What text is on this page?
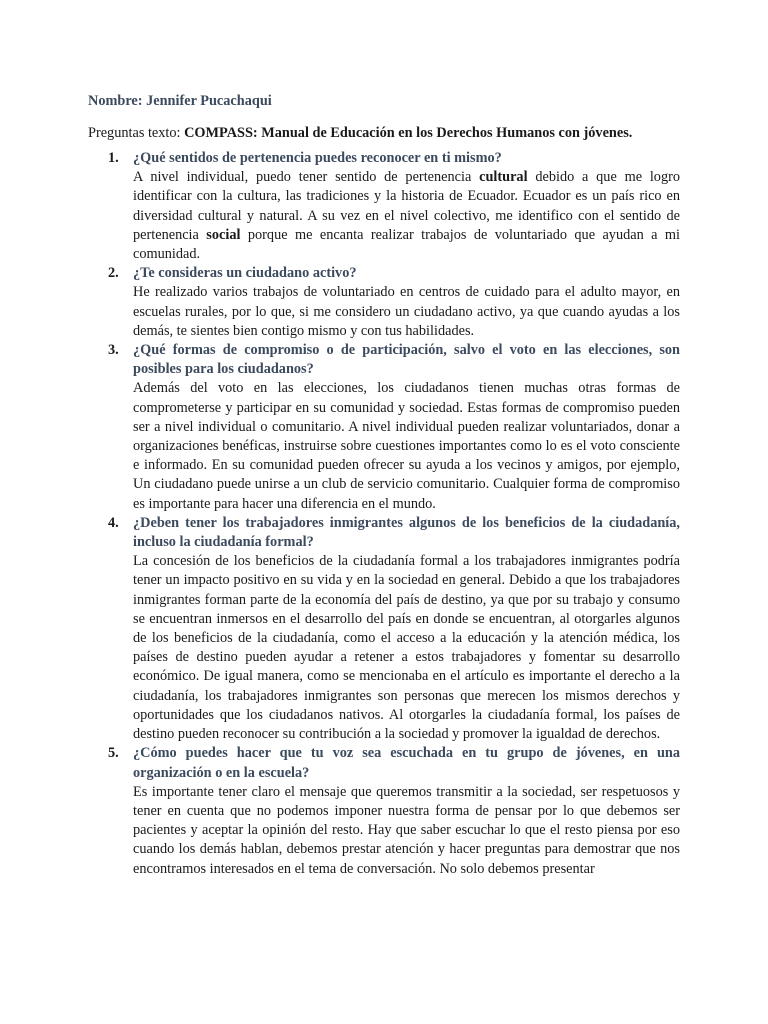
Nombre: Jennifer Pucachaqui

Preguntas texto: COMPASS: Manual de Educación en los Derechos Humanos con jóvenes.

1. ¿Qué sentidos de pertenencia puedes reconocer en ti mismo?

A nivel individual, puedo tener sentido de pertenencia cultural debido a que me logro identificar con la cultura, las tradiciones y la historia de Ecuador. Ecuador es un país rico en diversidad cultural y natural. A su vez en el nivel colectivo, me identifico con el sentido de pertenencia social porque me encanta realizar trabajos de voluntariado que ayudan a mi comunidad.

2. ¿Te consideras un ciudadano activo?

He realizado varios trabajos de voluntariado en centros de cuidado para el adulto mayor, en escuelas rurales, por lo que, si me considero un ciudadano activo, ya que cuando ayudas a los demás, te sientes bien contigo mismo y con tus habilidades.

3. ¿Qué formas de compromiso o de participación, salvo el voto en las elecciones, son posibles para los ciudadanos?

Además del voto en las elecciones, los ciudadanos tienen muchas otras formas de comprometerse y participar en su comunidad y sociedad. Estas formas de compromiso pueden ser a nivel individual o comunitario. A nivel individual pueden realizar voluntariados, donar a organizaciones benéficas, instruirse sobre cuestiones importantes como lo es el voto consciente e informado. En su comunidad pueden ofrecer su ayuda a los vecinos y amigos, por ejemplo, Un ciudadano puede unirse a un club de servicio comunitario. Cualquier forma de compromiso es importante para hacer una diferencia en el mundo.

4. ¿Deben tener los trabajadores inmigrantes algunos de los beneficios de la ciudadanía, incluso la ciudadanía formal?

La concesión de los beneficios de la ciudadanía formal a los trabajadores inmigrantes podría tener un impacto positivo en su vida y en la sociedad en general. Debido a que los trabajadores inmigrantes forman parte de la economía del país de destino, ya que por su trabajo y consumo se encuentran inmersos en el desarrollo del país en donde se encuentran, al otorgarles algunos de los beneficios de la ciudadanía, como el acceso a la educación y la atención médica, los países de destino pueden ayudar a retener a estos trabajadores y fomentar su desarrollo económico. De igual manera, como se mencionaba en el artículo es importante el derecho a la ciudadanía, los trabajadores inmigrantes son personas que merecen los mismos derechos y oportunidades que los ciudadanos nativos. Al otorgarles la ciudadanía formal, los países de destino pueden reconocer su contribución a la sociedad y promover la igualdad de derechos.

5. ¿Cómo puedes hacer que tu voz sea escuchada en tu grupo de jóvenes, en una organización o en la escuela?

Es importante tener claro el mensaje que queremos transmitir a la sociedad, ser respetuosos y tener en cuenta que no podemos imponer nuestra forma de pensar por lo que debemos ser pacientes y aceptar la opinión del resto. Hay que saber escuchar lo que el resto piensa por eso cuando los demás hablan, debemos prestar atención y hacer preguntas para demostrar que nos encontramos interesados en el tema de conversación. No solo debemos presentar
